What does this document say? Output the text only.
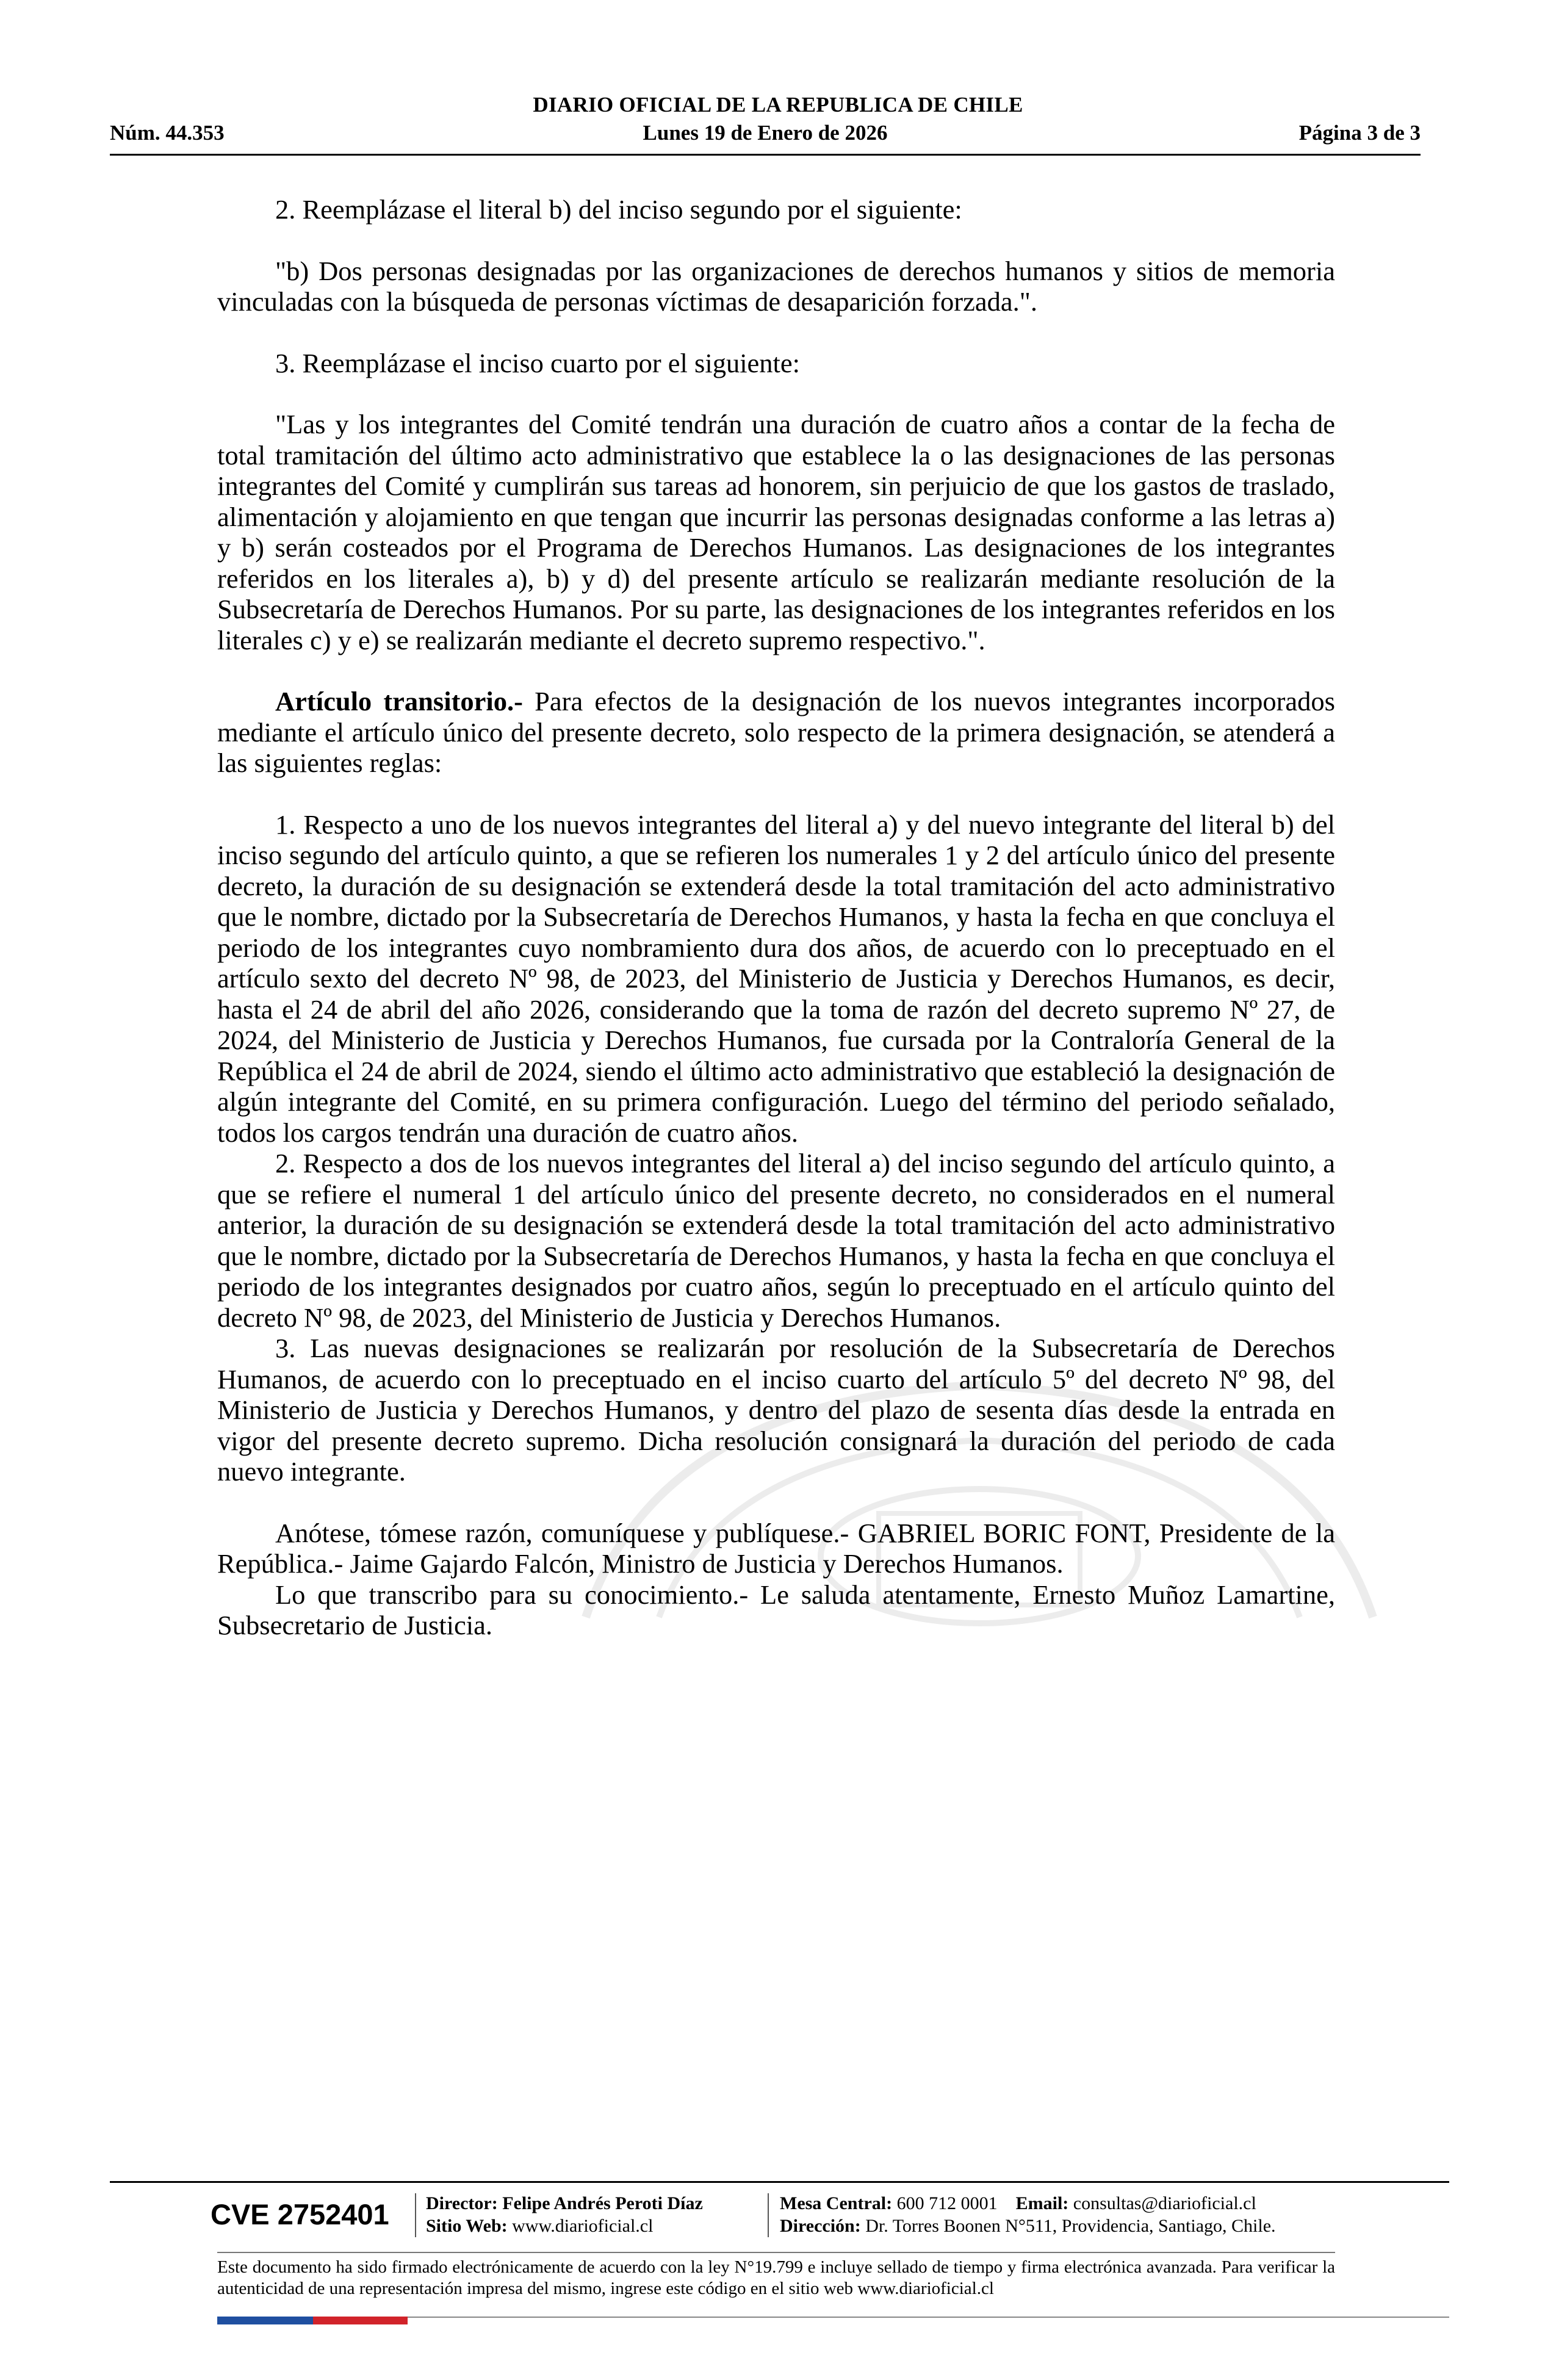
DIARIO OFICIAL DE LA REPUBLICA DE CHILE
Núm. 44.353	Lunes 19 de Enero de 2026	Página 3 de 3

2. Reemplázase el literal b) del inciso segundo por el siguiente:

"b) Dos personas designadas por las organizaciones de derechos humanos y sitios de memoria vinculadas con la búsqueda de personas víctimas de desaparición forzada.".

3. Reemplázase el inciso cuarto por el siguiente:

"Las y los integrantes del Comité tendrán una duración de cuatro años a contar de la fecha de total tramitación del último acto administrativo que establece la o las designaciones de las personas integrantes del Comité y cumplirán sus tareas ad honorem, sin perjuicio de que los gastos de traslado, alimentación y alojamiento en que tengan que incurrir las personas designadas conforme a las letras a) y b) serán costeados por el Programa de Derechos Humanos. Las designaciones de los integrantes referidos en los literales a), b) y d) del presente artículo se realizarán mediante resolución de la Subsecretaría de Derechos Humanos. Por su parte, las designaciones de los integrantes referidos en los literales c) y e) se realizarán mediante el decreto supremo respectivo.".

Artículo transitorio.- Para efectos de la designación de los nuevos integrantes incorporados mediante el artículo único del presente decreto, solo respecto de la primera designación, se atenderá a las siguientes reglas:

1. Respecto a uno de los nuevos integrantes del literal a) y del nuevo integrante del literal b) del inciso segundo del artículo quinto, a que se refieren los numerales 1 y 2 del artículo único del presente decreto, la duración de su designación se extenderá desde la total tramitación del acto administrativo que le nombre, dictado por la Subsecretaría de Derechos Humanos, y hasta la fecha en que concluya el periodo de los integrantes cuyo nombramiento dura dos años, de acuerdo con lo preceptuado en el artículo sexto del decreto Nº 98, de 2023, del Ministerio de Justicia y Derechos Humanos, es decir, hasta el 24 de abril del año 2026, considerando que la toma de razón del decreto supremo Nº 27, de 2024, del Ministerio de Justicia y Derechos Humanos, fue cursada por la Contraloría General de la República el 24 de abril de 2024, siendo el último acto administrativo que estableció la designación de algún integrante del Comité, en su primera configuración. Luego del término del periodo señalado, todos los cargos tendrán una duración de cuatro años.

2. Respecto a dos de los nuevos integrantes del literal a) del inciso segundo del artículo quinto, a que se refiere el numeral 1 del artículo único del presente decreto, no considerados en el numeral anterior, la duración de su designación se extenderá desde la total tramitación del acto administrativo que le nombre, dictado por la Subsecretaría de Derechos Humanos, y hasta la fecha en que concluya el periodo de los integrantes designados por cuatro años, según lo preceptuado en el artículo quinto del decreto Nº 98, de 2023, del Ministerio de Justicia y Derechos Humanos.

3. Las nuevas designaciones se realizarán por resolución de la Subsecretaría de Derechos Humanos, de acuerdo con lo preceptuado en el inciso cuarto del artículo 5º del decreto Nº 98, del Ministerio de Justicia y Derechos Humanos, y dentro del plazo de sesenta días desde la entrada en vigor del presente decreto supremo. Dicha resolución consignará la duración del periodo de cada nuevo integrante.

Anótese, tómese razón, comuníquese y publíquese.- GABRIEL BORIC FONT, Presidente de la República.- Jaime Gajardo Falcón, Ministro de Justicia y Derechos Humanos.

Lo que transcribo para su conocimiento.- Le saluda atentamente, Ernesto Muñoz Lamartine, Subsecretario de Justicia.

CVE 2752401	Director: Felipe Andrés Peroti Díaz
Sitio Web: www.diarioficial.cl
Mesa Central: 600 712 0001 Email: consultas@diarioficial.cl
Dirección: Dr. Torres Boonen N°511, Providencia, Santiago, Chile.
Este documento ha sido firmado electrónicamente de acuerdo con la ley N°19.799 e incluye sellado de tiempo y firma electrónica avanzada. Para verificar la autenticidad de una representación impresa del mismo, ingrese este código en el sitio web www.diarioficial.cl
